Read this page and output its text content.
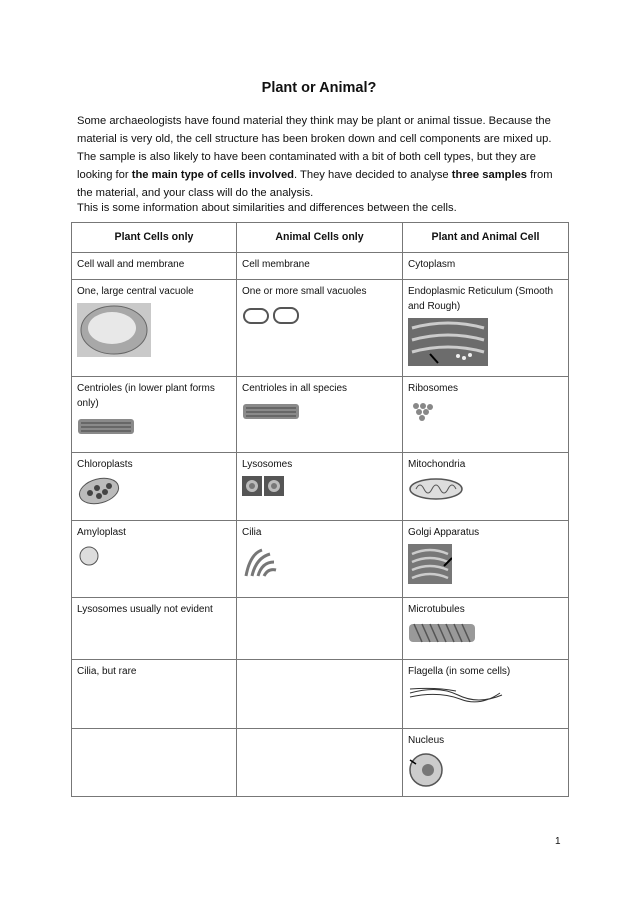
Plant or Animal?

Some archaeologists have found material they think may be plant or animal tissue. Because the material is very old, the cell structure has been broken down and cell components are mixed up. The sample is also likely to have been contaminated with a bit of both cell types, but they are looking for the main type of cells involved. They have decided to analyse three samples from the material, and your class will do the analysis.

This is some information about similarities and differences between the cells.
Plant Cells only	Animal Cells only	Plant and Animal Cell
Cell wall and membrane	Cell membrane	Cytoplasm
One, large central vacuole	One or more small vacuoles	Endoplasmic Reticulum (Smooth and Rough)

Centrioles (in lower plant forms only)	Centrioles in all species	Ribosomes

Chloroplasts	Lysosomes	Mitochondria

Amyloplast	Cilia	Golgi Apparatus

Lysosomes usually not evident		Microtubules

Cilia, but rare		Flagella (in some cells)

		Nucleus
1
